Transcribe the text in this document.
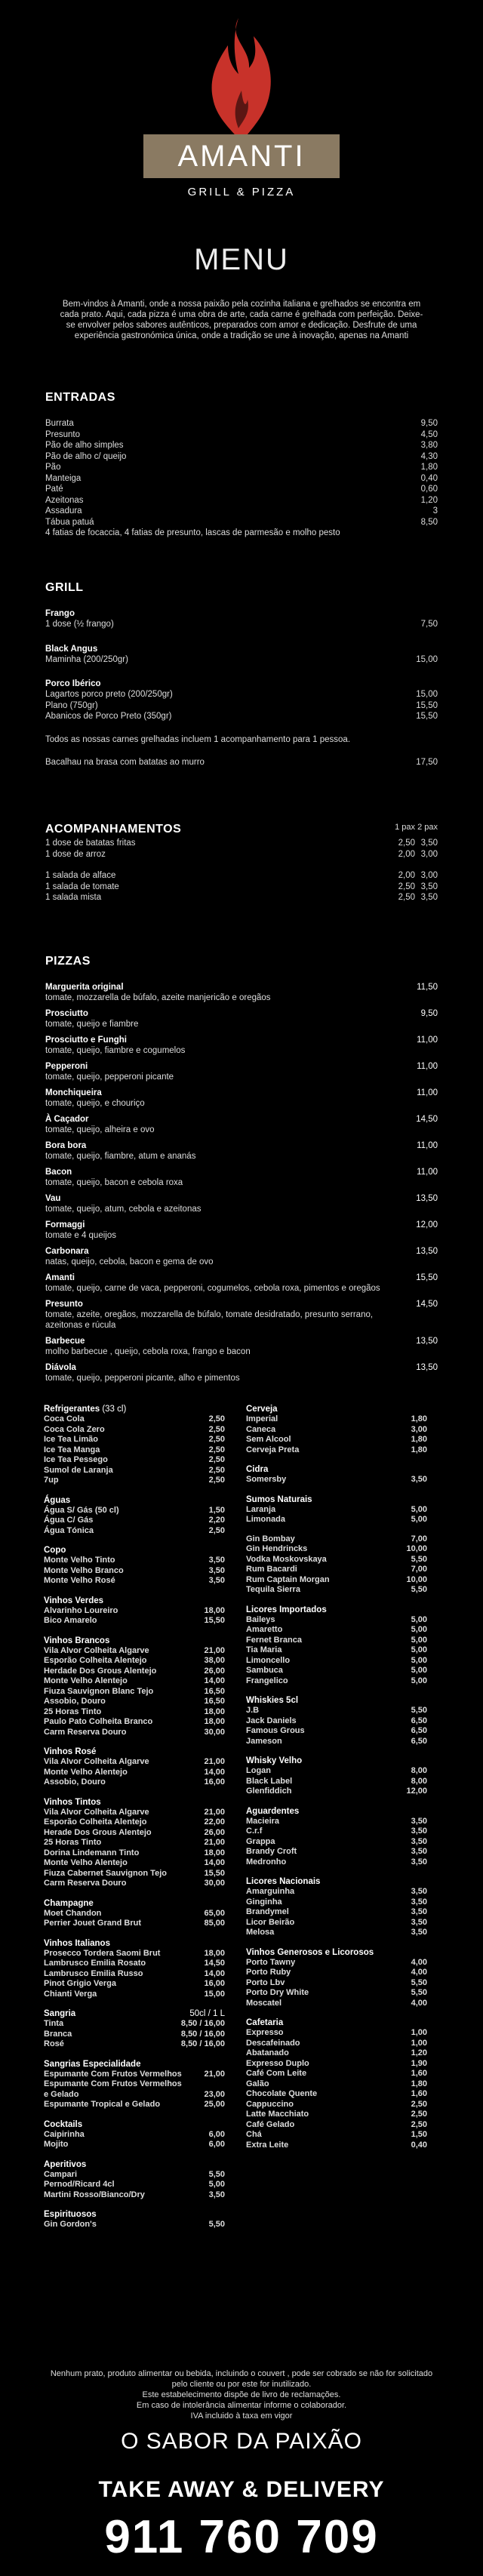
AMANTI
GRILL & PIZZA
MENU
Bem-vindos à Amanti, onde a nossa paixão pela cozinha italiana e grelhados se encontra em cada prato. Aqui, cada pizza é uma obra de arte, cada carne é grelhada com perfeição. Deixe-se envolver pelos sabores autênticos, preparados com amor e dedicação. Desfrute de uma experiência gastronómica única, onde a tradição se une à inovação, apenas na Amanti
ENTRADAS
Burrata	9,50
Presunto	4,50
Pão de alho simples	3,80
Pão de alho c/ queijo	4,30
Pão	1,80
Manteiga	0,40
Paté	0,60
Azeitonas	1,20
Assadura	3
Tábua patuá	8,50
4 fatias de focaccia, 4 fatias de presunto, lascas de parmesão e molho pesto
GRILL
Frango
1 dose (½ frango)	7,50
Black Angus
Maminha (200/250gr)	15,00
Porco Ibérico
Lagartos porco preto (200/250gr)	15,00
Plano (750gr)	15,50
Abanicos de Porco Preto (350gr)	15,50
Todos as nossas carnes grelhadas incluem 1 acompanhamento para 1 pessoa.
Bacalhau na brasa com batatas ao murro	17,50
ACOMPANHAMENTOS	1 pax 2 pax
1 dose de batatas fritas	2,50 3,50
1 dose de arroz	2,00 3,00
1 salada de alface	2,00 3,00
1 salada de tomate	2,50 3,50
1 salada mista	2,50 3,50
PIZZAS
Marguerita original	11,50
tomate, mozzarella de búfalo, azeite manjericão e oregãos
Prosciutto	9,50
tomate, queijo e fiambre
Prosciutto e Funghi	11,00
tomate, queijo, fiambre e cogumelos
Pepperoni	11,00
tomate, queijo, pepperoni picante
Monchiqueira	11,00
tomate, queijo, e chouriço
À Caçador	14,50
tomate, queijo, alheira e ovo
Bora bora	11,00
tomate, queijo, fiambre, atum e ananás
Bacon	11,00
tomate, queijo, bacon e cebola roxa
Vau	13,50
tomate, queijo, atum, cebola e azeitonas
Formaggi	12,00
tomate e 4 queijos
Carbonara	13,50
natas, queijo, cebola, bacon e gema de ovo
Amanti	15,50
tomate, queijo, carne de vaca, pepperoni, cogumelos, cebola roxa, pimentos e oregãos
Presunto	14,50
tomate, azeite, oregãos, mozzarella de búfalo, tomate desidratado, presunto serrano, azeitonas e rúcula
Barbecue	13,50
molho barbecue , queijo, cebola roxa, frango e bacon
Diávola	13,50
tomate, queijo, pepperoni picante, alho e pimentos
Refrigerantes (33 cl)
Coca Cola	2,50
Coca Cola Zero	2,50
Ice Tea Limão	2,50
Ice Tea Manga	2,50
Ice Tea Pessego	2,50
Sumol de Laranja	2,50
7up	2,50
Águas
Água S/ Gás (50 cl)	1,50
Água C/ Gás	2,20
Água Tónica	2,50
Copo
Monte Velho Tinto	3,50
Monte Velho Branco	3,50
Monte Velho Rosé	3,50
Vinhos Verdes
Alvarinho Loureiro	18,00
Bico Amarelo	15,50
Vinhos Brancos
Vila Alvor Colheita Algarve	21,00
Esporão Colheita Alentejo	38,00
Herdade Dos Grous Alentejo	26,00
Monte Velho Alentejo	14,00
Fiuza Sauvignon Blanc Tejo	16,50
Assobio, Douro	16,50
25 Horas Tinto	18,00
Paulo Pato Colheita Branco	18,00
Carm Reserva Douro	30,00
Vinhos Rosé
Vila Alvor Colheita Algarve	21,00
Monte Velho Alentejo	14,00
Assobio, Douro	16,00
Vinhos Tintos
Vila Alvor Colheita Algarve	21,00
Esporão Colheita Alentejo	22,00
Herade Dos Grous Alentejo	26,00
25 Horas Tinto	21,00
Dorina Lindemann Tinto	18,00
Monte Velho Alentejo	14,00
Fiuza Cabernet Sauvignon Tejo	15,50
Carm Reserva Douro	30,00
Champagne
Moet Chandon	65,00
Perrier Jouet Grand Brut	85,00
Vinhos Italianos
Prosecco Tordera Saomi Brut	18,00
Lambrusco Emilia Rosato	14,50
Lambrusco Emilia Russo	14,00
Pinot Grigio Verga	16,00
Chianti Verga	15,00
Sangria	50cl / 1 L
Tinta	8,50 / 16,00
Branca	8,50 / 16,00
Rosé	8,50 / 16,00
Sangrias Especialidade
Espumante Com Frutos Vermelhos	21,00
Espumante Com Frutos Vermelhos
e Gelado	23,00
Espumante Tropical e Gelado	25,00
Cocktails
Caipirinha	6,00
Mojito	6,00
Aperitivos
Campari	5,50
Pernod/Ricard 4cl	5,00
Martini Rosso/Bianco/Dry	3,50
Espirituosos
Gin Gordon's	5,50
Cerveja
Imperial	1,80
Caneca	3,00
Sem Alcool	1,80
Cerveja Preta	1,80
Cidra
Somersby	3,50
Sumos Naturais
Laranja	5,00
Limonada	5,00
Gin Bombay	7,00
Gin Hendrincks	10,00
Vodka Moskovskaya	5,50
Rum Bacardi	7,00
Rum Captain Morgan	10,00
Tequila Sierra	5,50
Licores Importados
Baileys	5,00
Amaretto	5,00
Fernet Branca	5,00
Tia Maria	5,00
Limoncello	5,00
Sambuca	5,00
Frangelico	5,00
Whiskies 5cl
J.B	5,50
Jack Daniels	6,50
Famous Grous	6,50
Jameson	6,50
Whisky Velho
Logan	8,00
Black Label	8,00
Glenfiddich	12,00
Aguardentes
Macieira	3,50
C.r.f	3,50
Grappa	3,50
Brandy Croft	3,50
Medronho	3,50
Licores Nacionais
Amarguinha	3,50
Ginginha	3,50
Brandymel	3,50
Licor Beirão	3,50
Melosa	3,50
Vinhos Generosos e Licorosos
Porto Tawny	4,00
Porto Ruby	4,00
Porto Lbv	5,50
Porto Dry White	5,50
Moscatel	4,00
Cafetaria
Expresso	1,00
Descafeinado	1,00
Abatanado	1,20
Expresso Duplo	1,90
Café Com Leite	1,60
Galão	1,80
Chocolate Quente	1,60
Cappuccino	2,50
Latte Macchiato	2,50
Café Gelado	2,50
Chá	1,50
Extra Leite	0,40
Nenhum prato, produto alimentar ou bebida, incluindo o couvert , pode ser cobrado se não for solicitado pelo cliente ou por este for inutilizado.
Este estabelecimento dispõe de livro de reclamações.
Em caso de intolerância alimentar informe o colaborador.
IVA incluido à taxa em vigor
O SABOR DA PAIXÃO
TAKE AWAY & DELIVERY
911 760 709
